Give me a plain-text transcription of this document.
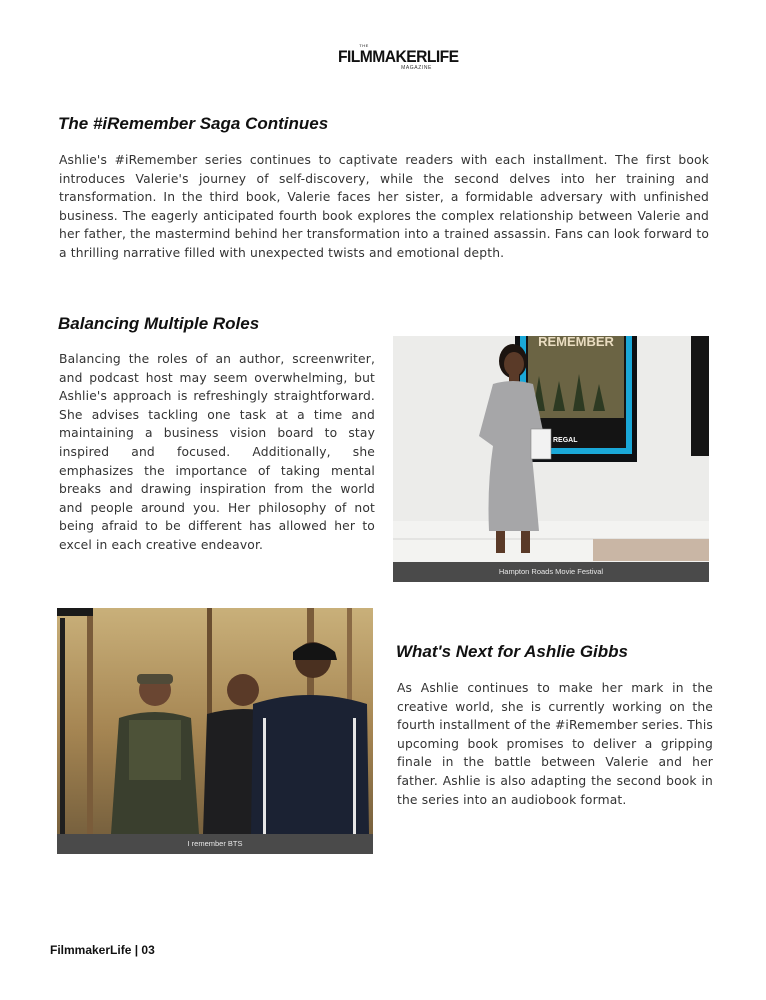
THE
FILMMAKERLIFE
MAGAZINE
The #iRemember Saga Continues

Ashlie's #iRemember series continues to captivate readers with each installment. The first book introduces Valerie's journey of self-discovery, while the second delves into her training and transformation. In the third book, Valerie faces her sister, a formidable adversary with unfinished business. The eagerly anticipated fourth book explores the complex relationship between Valerie and her father, the mastermind behind her transformation into a trained assassin. Fans can look forward to a thrilling narrative filled with unexpected twists and emotional depth.

Balancing Multiple Roles

Balancing the roles of an author, screenwriter, and podcast host may seem overwhelming, but Ashlie's approach is refreshingly straightforward. She advises tackling one task at a time and maintaining a business vision board to stay inspired and focused. Additionally, she emphasizes the importance of taking mental breaks and drawing inspiration from the world and people around you. Her philosophy of not being afraid to be different has allowed her to excel in each creative endeavor.

REMEMBER
REGAL
Hampton Roads Movie Festival
I remember BTS
What's Next for Ashlie Gibbs

As Ashlie continues to make her mark in the creative world, she is currently working on the fourth installment of the #iRemember series. This upcoming book promises to deliver a gripping finale in the battle between Valerie and her father. Ashlie is also adapting the second book in the series into an audiobook format.

FilmmakerLife | 03
